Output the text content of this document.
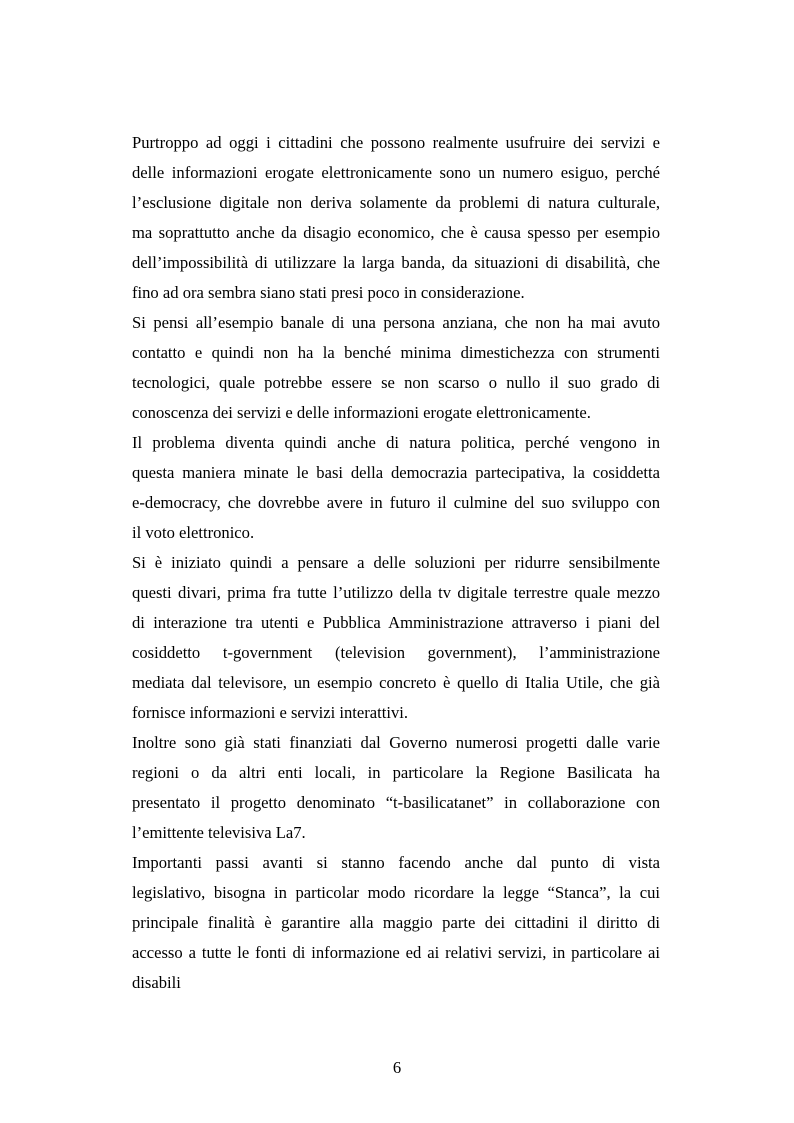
Purtroppo ad oggi i cittadini che possono realmente usufruire dei servizi e
delle informazioni erogate elettronicamente sono un numero esiguo, perché
l’esclusione digitale non deriva solamente da problemi di natura culturale,
ma soprattutto anche da disagio economico, che è causa spesso per esempio
dell’impossibilità di utilizzare la larga banda, da situazioni di disabilità, che
fino ad ora sembra siano stati presi poco in considerazione.
Si pensi all’esempio banale di una persona anziana, che non ha mai avuto
contatto e quindi non ha la benché minima dimestichezza con strumenti
tecnologici, quale potrebbe essere se non scarso o nullo il suo grado di
conoscenza dei servizi e delle informazioni erogate elettronicamente.
Il problema diventa quindi anche di natura politica, perché vengono in
questa maniera minate le basi della democrazia partecipativa, la cosiddetta
e-democracy, che dovrebbe avere in futuro il culmine del suo sviluppo con
il voto elettronico.
Si è iniziato quindi a pensare a delle soluzioni per ridurre sensibilmente
questi divari, prima fra tutte l’utilizzo della tv digitale terrestre quale mezzo
di interazione tra utenti e Pubblica Amministrazione attraverso i piani del
cosiddetto t-government (television government), l’amministrazione
mediata dal televisore, un esempio concreto è quello di Italia Utile, che già
fornisce informazioni e servizi interattivi.
Inoltre sono già stati finanziati dal Governo numerosi progetti dalle varie
regioni o da altri enti locali, in particolare la Regione Basilicata ha
presentato il progetto denominato “t-basilicatanet” in collaborazione con
l’emittente televisiva La7.
Importanti passi avanti si stanno facendo anche dal punto di vista
legislativo, bisogna in particolar modo ricordare la legge “Stanca”, la cui
principale finalità è garantire alla maggio parte dei cittadini il diritto di
accesso a tutte le fonti di informazione ed ai relativi servizi, in particolare ai
disabili
6
